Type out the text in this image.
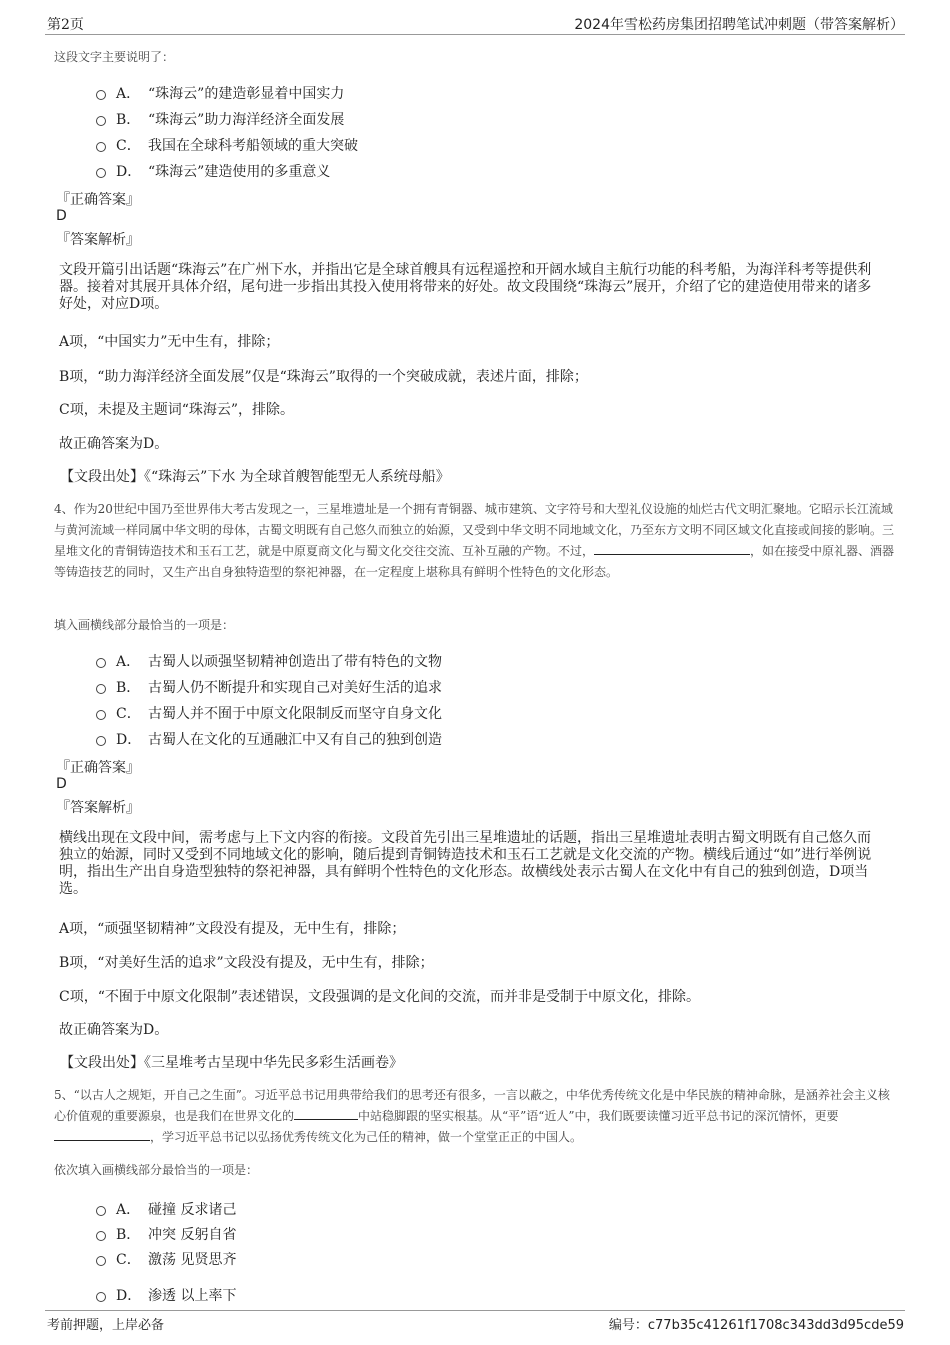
第2页	2024年雪松药房集团招聘笔试冲刺题（带答案解析）
这段文字主要说明了：
A． “珠海云”的建造彰显着中国实力
B． “珠海云”助力海洋经济全面发展
C． 我国在全球科考船领域的重大突破
D． “珠海云”建造使用的多重意义
『正确答案』
D
『答案解析』
文段开篇引出话题“珠海云”在广州下水，并指出它是全球首艘具有远程遥控和开阔水域自主航行功能的科考船，为海洋科考等提供利器。接着对其展开具体介绍，尾句进一步指出其投入使用将带来的好处。故文段围绕“珠海云”展开，介绍了它的建造使用带来的诸多好处，对应D项。
A项，“中国实力”无中生有，排除；
B项，“助力海洋经济全面发展”仅是“珠海云”取得的一个突破成就，表述片面，排除；
C项，未提及主题词“珠海云”，排除。
故正确答案为D。
【文段出处】《“珠海云”下水 为全球首艘智能型无人系统母船》
4、作为20世纪中国乃至世界伟大考古发现之一，三星堆遗址是一个拥有青铜器、城市建筑、文字符号和大型礼仪设施的灿烂古代文明汇聚地。它昭示长江流域与黄河流域一样同属中华文明的母体，古蜀文明既有自己悠久而独立的始源，又受到中华文明不同地域文化，乃至东方文明不同区域文化直接或间接的影响。三星堆文化的青铜铸造技术和玉石工艺，就是中原夏商文化与蜀文化交往交流、互补互融的产物。不过，	，如在接受中原礼器、酒器等铸造技艺的同时，又生产出自身独特造型的祭祀神器，在一定程度上堪称具有鲜明个性特色的文化形态。
填入画横线部分最恰当的一项是：
A． 古蜀人以顽强坚韧精神创造出了带有特色的文物
B． 古蜀人仍不断提升和实现自己对美好生活的追求
C． 古蜀人并不囿于中原文化限制反而坚守自身文化
D． 古蜀人在文化的互通融汇中又有自己的独到创造
『正确答案』
D
『答案解析』
横线出现在文段中间，需考虑与上下文内容的衔接。文段首先引出三星堆遗址的话题，指出三星堆遗址表明古蜀文明既有自己悠久而独立的始源，同时又受到不同地域文化的影响，随后提到青铜铸造技术和玉石工艺就是文化交流的产物。横线后通过“如”进行举例说明，指出生产出自身造型独特的祭祀神器，具有鲜明个性特色的文化形态。故横线处表示古蜀人在文化中有自己的独到创造，D项当选。
A项，“顽强坚韧精神”文段没有提及，无中生有，排除；
B项，“对美好生活的追求”文段没有提及，无中生有，排除；
C项，“不囿于中原文化限制”表述错误，文段强调的是文化间的交流，而并非是受制于中原文化，排除。
故正确答案为D。
【文段出处】《三星堆考古呈现中华先民多彩生活画卷》
5、“以古人之规矩，开自己之生面”。习近平总书记用典带给我们的思考还有很多，一言以蔽之，中华优秀传统文化是中华民族的精神命脉，是涵养社会主义核心价值观的重要源泉，也是我们在世界文化的	中站稳脚跟的坚实根基。从“平”语“近人”中，我们既要读懂习近平总书记的深沉情怀，更要，学习近平总书记以弘扬优秀传统文化为己任的精神，做一个堂堂正正的中国人。
依次填入画横线部分最恰当的一项是：
A． 碰撞 反求诸己
B． 冲突 反躬自省
C． 激荡 见贤思齐
D． 渗透 以上率下
考前押题，上岸必备	编号：c77b35c41261f1708c343dd3d95cde59
